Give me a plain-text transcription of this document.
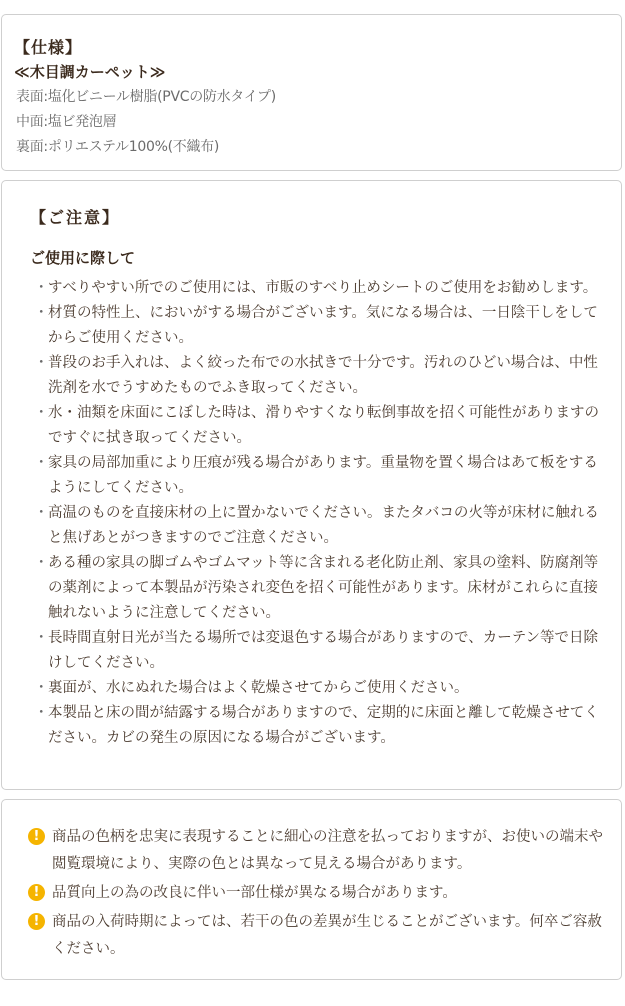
【仕様】
≪木目調カーペット≫
表面:塩化ビニール樹脂(PVCの防水タイプ)
中面:塩ビ発泡層
裏面:ポリエステル100%(不織布)
【ご注意】
ご使用に際して
・ すべりやすい所でのご使用には、市販のすべり止めシートのご使用をお勧めします。
・ 材質の特性上、においがする場合がございます。気になる場合は、一日陰干しをしてからご使用ください。
・ 普段のお手入れは、よく絞った布での水拭きで十分です。汚れのひどい場合は、中性洗剤を水でうすめたものでふき取ってください。
・ 水・油類を床面にこぼした時は、滑りやすくなり転倒事故を招く可能性がありますのですぐに拭き取ってください。
・ 家具の局部加重により圧痕が残る場合があります。重量物を置く場合はあて板をするようにしてください。
・ 高温のものを直接床材の上に置かないでください。またタバコの火等が床材に触れると焦げあとがつきますのでご注意ください。
・ ある種の家具の脚ゴムやゴムマット等に含まれる老化防止剤、家具の塗料、防腐剤等の薬剤によって本製品が汚染され変色を招く可能性があります。床材がこれらに直接触れないように注意してください。
・ 長時間直射日光が当たる場所では変退色する場合がありますので、カーテン等で日除けしてください。
・ 裏面が、水にぬれた場合はよく乾燥させてからご使用ください。
・ 本製品と床の間が結露する場合がありますので、定期的に床面と離して乾燥させてください。カビの発生の原因になる場合がございます。
! 商品の色柄を忠実に表現することに細心の注意を払っておりますが、お使いの端末や閲覧環境により、実際の色とは異なって見える場合があります。
! 品質向上の為の改良に伴い一部仕様が異なる場合があります。
! 商品の入荷時期によっては、若干の色の差異が生じることがございます。何卒ご容赦ください。
